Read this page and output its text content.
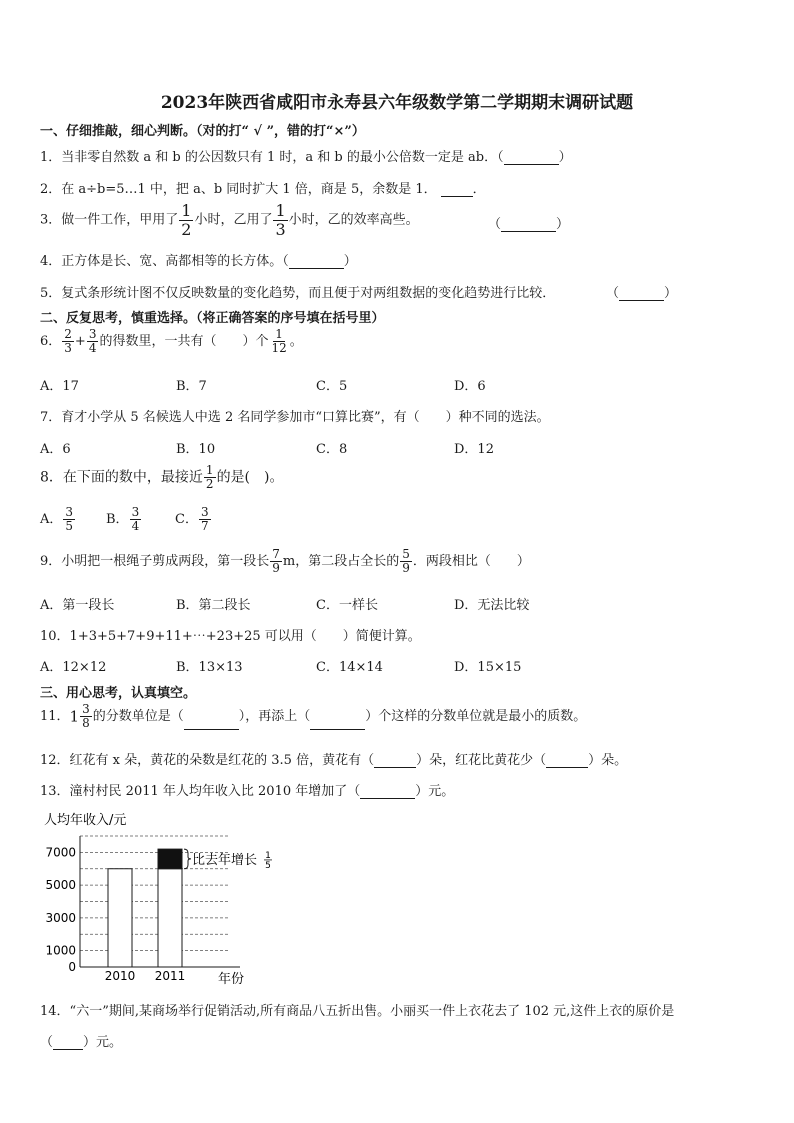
2023年陕西省咸阳市永寿县六年级数学第二学期期末调研试题
一、仔细推敲，细心判断。（对的打“ √ ”，错的打“×”）
1．当非零自然数 a 和 b 的公因数只有 1 时，a 和 b 的最小公倍数一定是 ab．（	）
2．在 a÷b=5…1 中，把 a、b 同时扩大 1 倍，商是 5，余数是 1．	．
3．做一件工作，甲用了 $\frac{1}{2}$ 小时，乙用了 $\frac{1}{3}$ 小时，乙的效率高些。	（	）
4．正方体是长、宽、高都相等的长方体。（	）
5．复式条形统计图不仅反映数量的变化趋势，而且便于对两组数据的变化趋势进行比较．	（	）
二、反复思考，慎重选择。（将正确答案的序号填在括号里）
6． $\frac{2}{3} + \frac{3}{4}$ 的得数里，一共有（　　）个 $\frac{1}{12}$ 。
A．17	B．7	C．5	D．6
7．育才小学从 5 名候选人中选 2 名同学参加市“口算比赛”，有（　　）种不同的选法。
A．6	B．10	C．8	D．12
8．在下面的数中，最接近 $\frac{1}{2}$ 的是(　)。
A． $\frac{3}{5}$ B． $\frac{3}{4}$	C． $\frac{3}{7}$
9．小明把一根绳子剪成两段，第一段长 $\frac{7}{9}$ m，第二段占全长的 $\frac{5}{9}$ ．两段相比（　　）
A．第一段长	B．第二段长	C．一样长	D．无法比较
10．1+3+5+7+9+11+⋯+23+25 可以用（　　）简便计算。
A．12×12	B．13×13	C．14×14	D．15×15
三、用心思考，认真填空。
11．$1 \frac{3}{8}$ 的分数单位是（	），再添上（	）个这样的分数单位就是最小的质数。
12．红花有 x 朵，黄花的朵数是红花的 3.5 倍，黄花有（	）朵，红花比黄花少（	）朵。
13．潼村村民 2011 年人均年收入比 2010 年增加了（	）元。
人均年收入/元
0
1000
3000
5000
7000
2010 2011	年份
比去年增长 1
5
14．“六一”期间,某商场举行促销活动,所有商品八五折出售。小丽买一件上衣花去了 102 元,这件上衣的原价是
（ ）元。
